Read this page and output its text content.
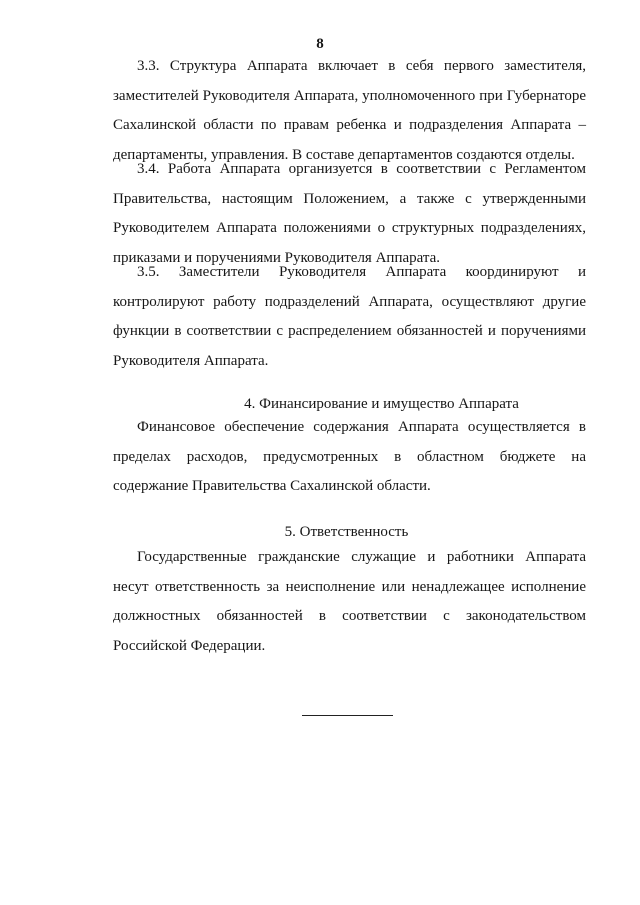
8

3.3. Структура Аппарата включает в себя первого заместителя, заместителей Руководителя Аппарата, уполномоченного при Губернаторе Сахалинской области по правам ребенка и подразделения Аппарата – департаменты, управления. В составе департаментов создаются отделы.

3.4. Работа Аппарата организуется в соответствии с Регламентом Правительства, настоящим Положением, а также с утвержденными Руководителем Аппарата положениями о структурных подразделениях, приказами и поручениями Руководителя Аппарата.

3.5. Заместители Руководителя Аппарата координируют и контролируют работу подразделений Аппарата, осуществляют другие функции в соответствии с распределением обязанностей и поручениями Руководителя Аппарата.

4. Финансирование и имущество Аппарата

Финансовое обеспечение содержания Аппарата осуществляется в пределах расходов, предусмотренных в областном бюджете на содержание Правительства Сахалинской области.

5. Ответственность

Государственные гражданские служащие и работники Аппарата несут ответственность за неисполнение или ненадлежащее исполнение должностных обязанностей в соответствии с законодательством Российской Федерации.
